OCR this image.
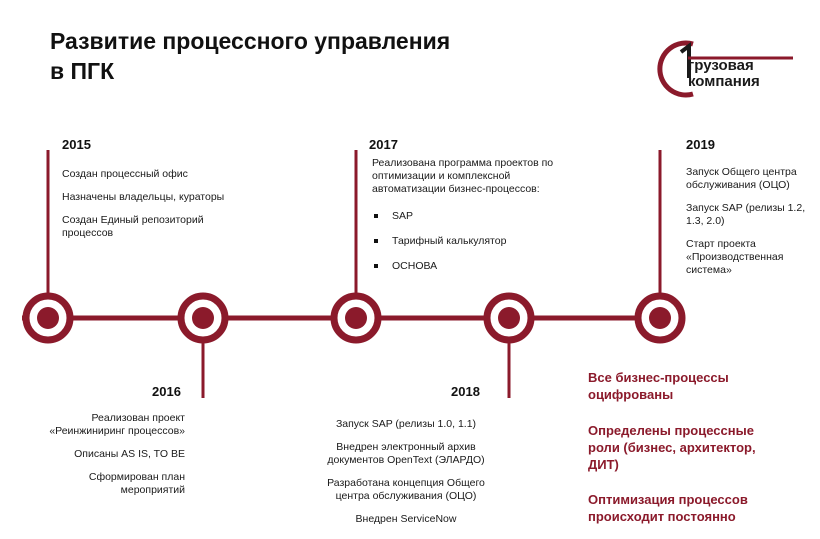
Развитие процессного управления
в ПГК	грузовая
компания
2015

Создан процессный офис

Назначены владельцы, кураторы

Создан Единый репозиторий процессов

2016

Реализован проект «Реинжиниринг процессов»

Описаны AS IS, TO BE

Сформирован план мероприятий

2017
Реализована программа проектов по оптимизации и комплексной автоматизации бизнес-процессов:
SAP
Тарифный калькулятор
ОСНОВА
2018

Запуск SAP (релизы 1.0, 1.1)

Внедрен электронный архив документов OpenText (ЭЛАРДО)

Разработана концепция Общего центра обслуживания (ОЦО)

Внедрен ServiceNow

2019

Запуск Общего центра обслуживания (ОЦО)

Запуск SAP (релизы 1.2, 1.3, 2.0)

Старт проекта «Производственная система»

Все бизнес-процессы оцифрованы
Определены процессные роли (бизнес, архитектор, ДИТ)
Оптимизация процессов происходит постоянно
